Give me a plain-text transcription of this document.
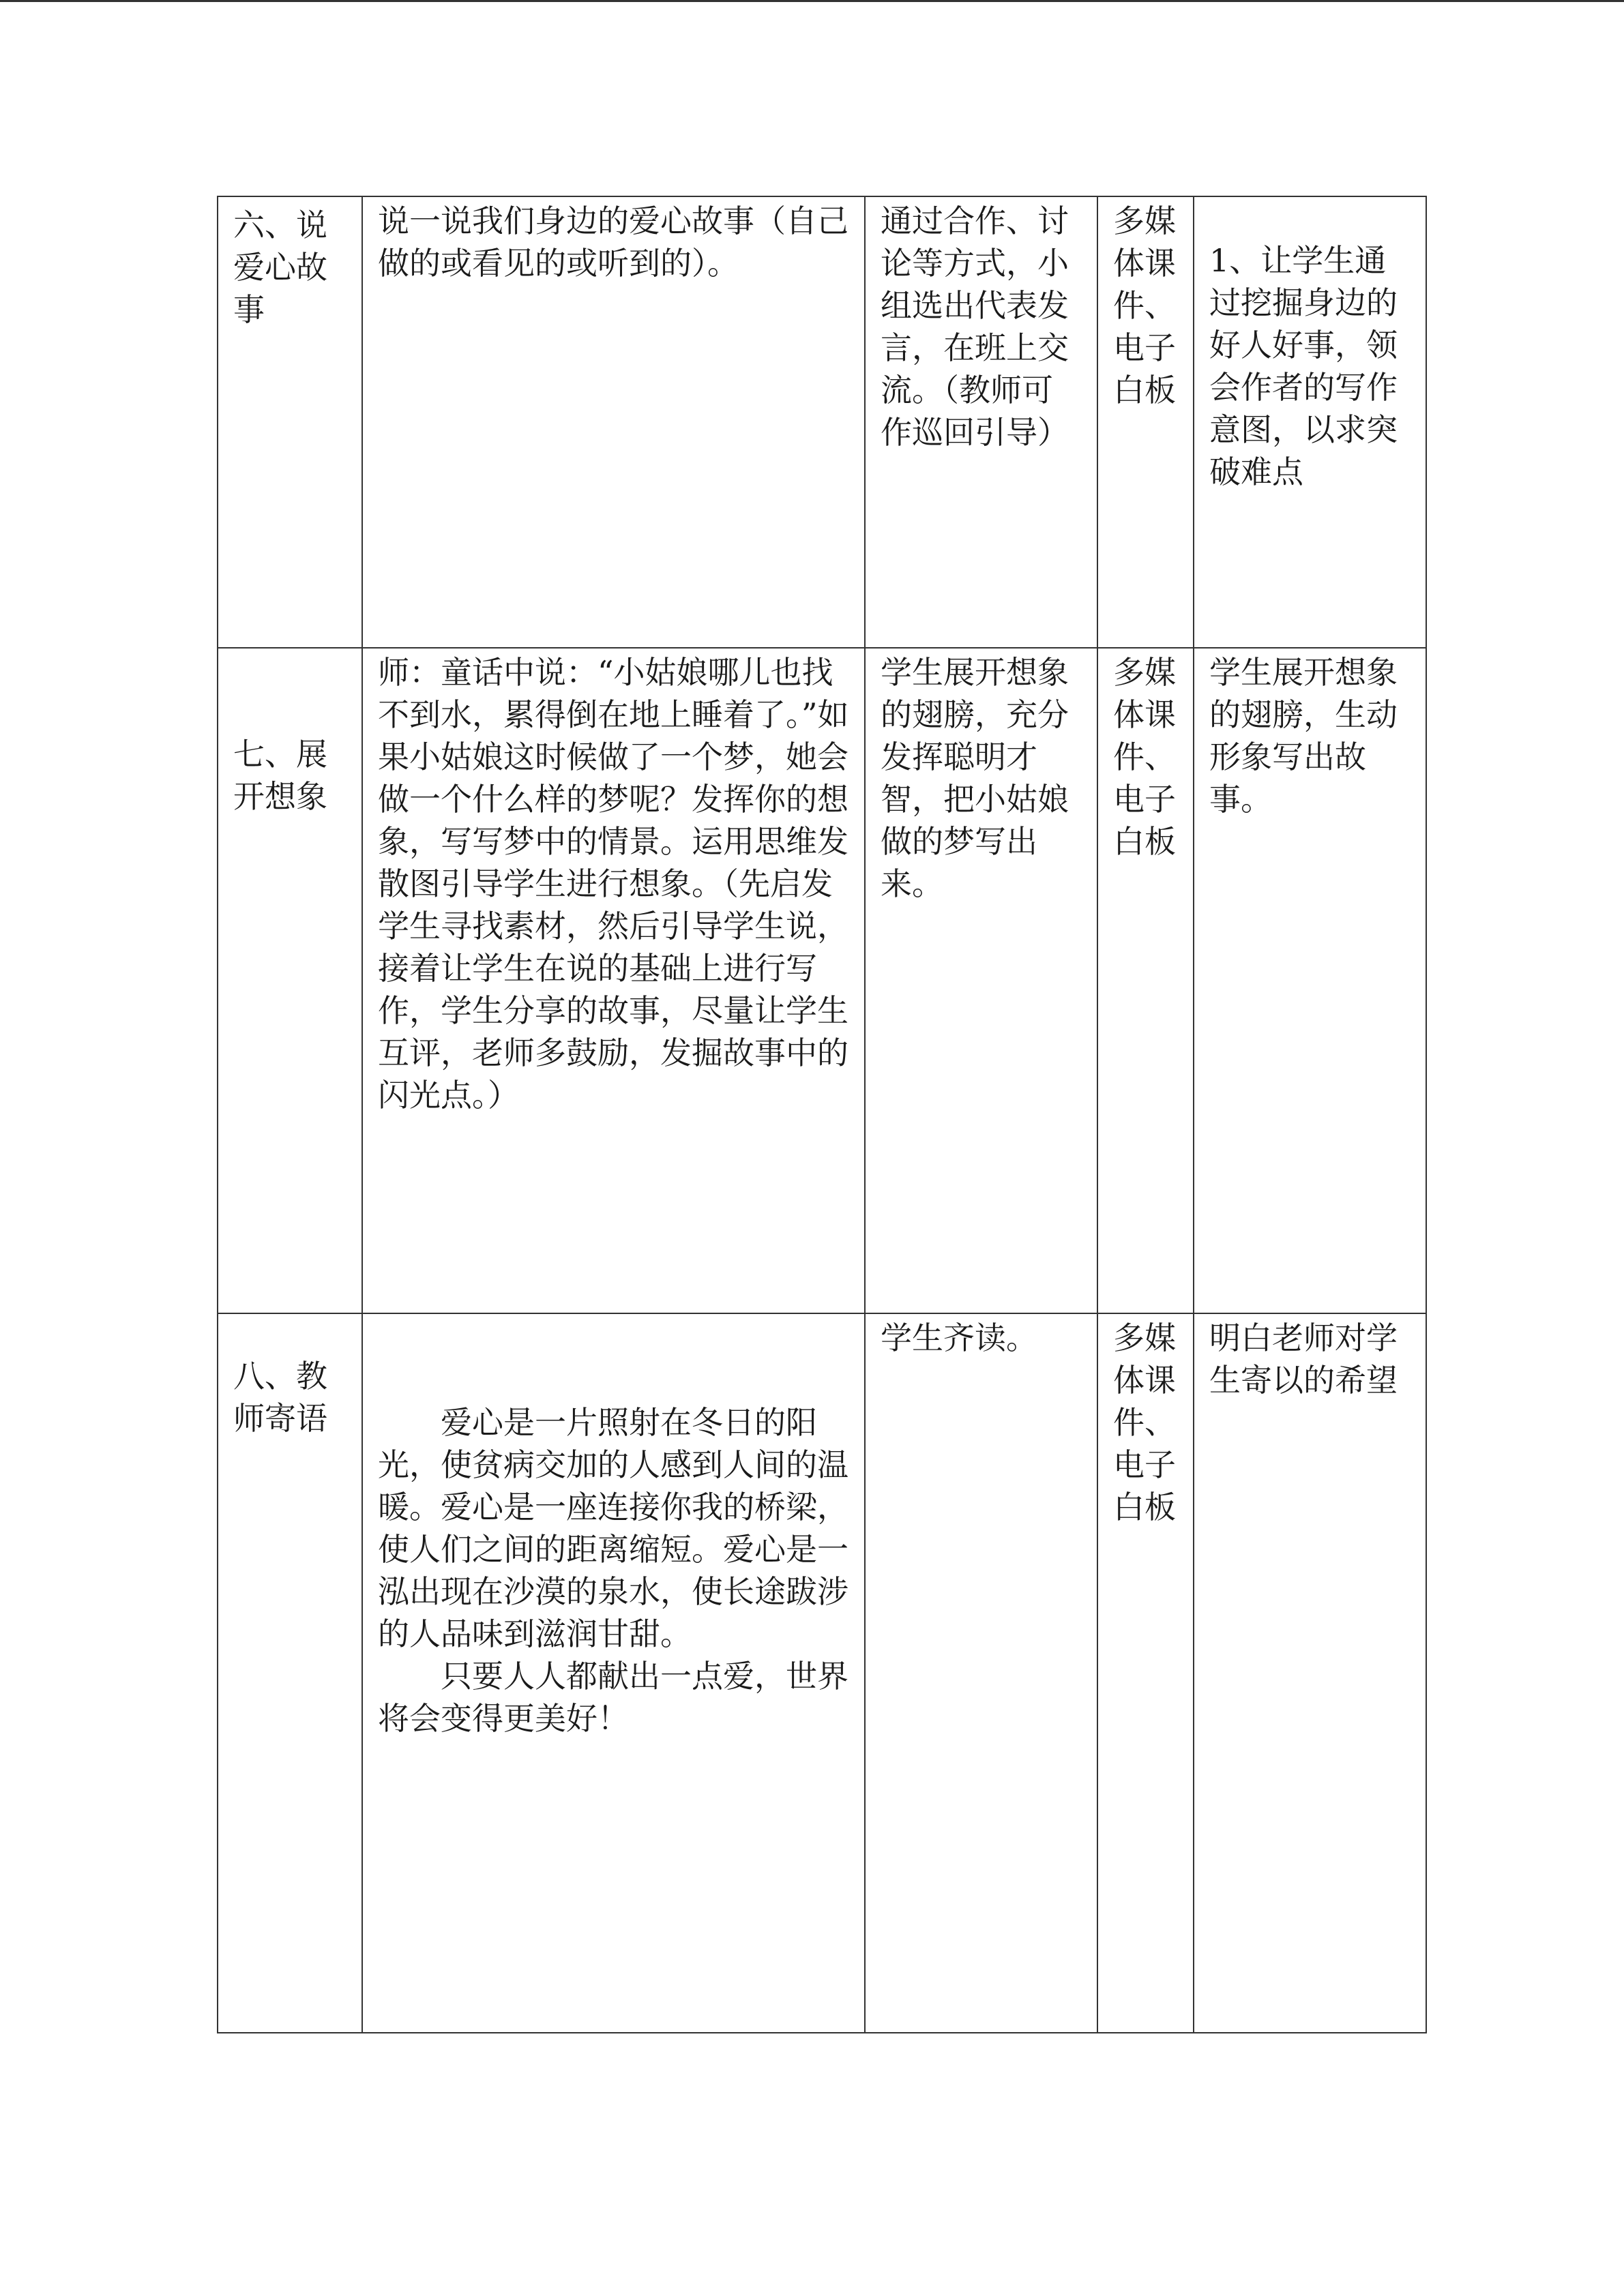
六、说爱心故事	说一说我们身边的爱心故事（自己做的或看见的或听到的）。	通过合作、讨论等方式，小组选出代表发言，在班上交流。（教师可作巡回引导）	多媒体课件、电子白板	1、让学生通过挖掘身边的好人好事，领会作者的写作意图，以求突破难点

七、展开想象	师：童话中说：“小姑娘哪儿也找不到水，累得倒在地上睡着了。”如果小姑娘这时候做了一个梦，她会做一个什么样的梦呢？发挥你的想象，写写梦中的情景。运用思维发散图引导学生进行想象。（先启发学生寻找素材，然后引导学生说，接着让学生在说的基础上进行写作，学生分享的故事，尽量让学生互评，老师多鼓励，发掘故事中的闪光点。）	学生展开想象的翅膀，充分发挥聪明才智，把小姑娘做的梦写出来。	多媒体课件、电子白板	学生展开想象的翅膀，生动形象写出故事。

八、教师寄语	爱心是一片照射在冬日的阳光，使贫病交加的人感到人间的温暖。爱心是一座连接你我的桥梁，使人们之间的距离缩短。爱心是一泓出现在沙漠的泉水，使长途跋涉的人品味到滋润甘甜。
只要人人都献出一点爱，世界将会变得更美好！	学生齐读。	多媒体课件、电子白板	明白老师对学生寄以的希望
